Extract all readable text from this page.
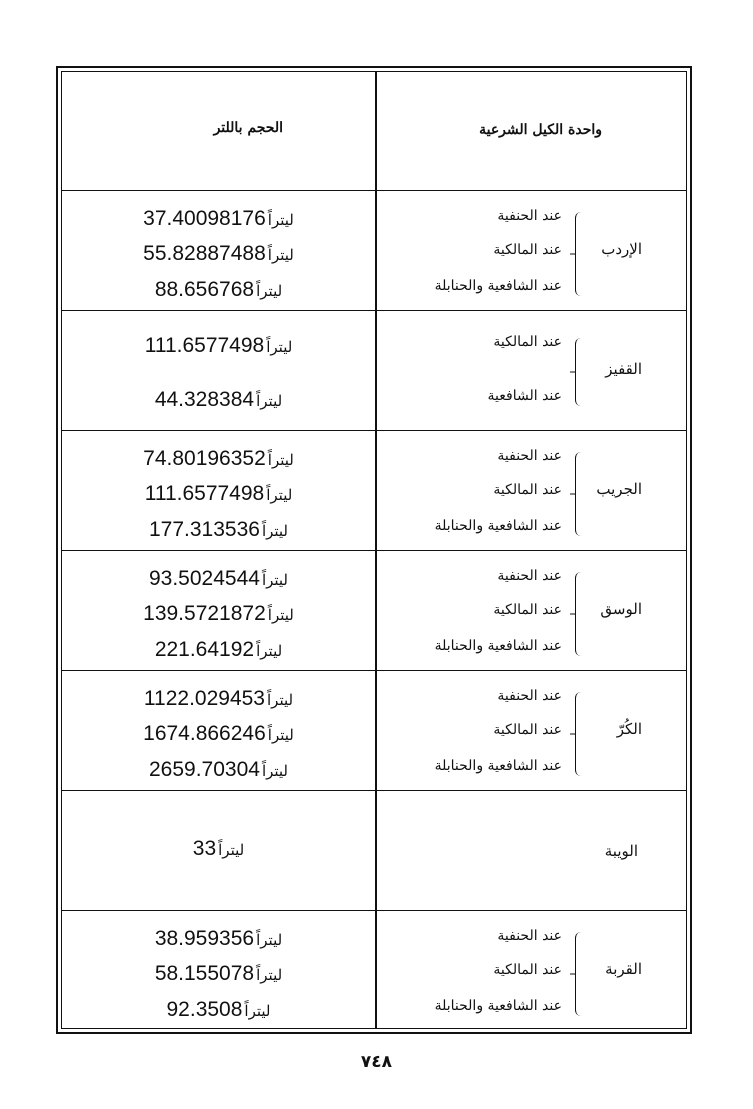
الحجم باللتر	واحدة الكيل الشرعية
37.40098176 ليتراً
55.82887488 ليتراً
88.656768 ليتراً
الإردب
عند الحنفية
عند المالكية
عند الشافعية والحنابلة
111.6577498 ليتراً
44.328384 ليتراً
القفيز
عند المالكية
عند الشافعية
74.80196352 ليتراً
111.6577498 ليتراً
177.313536 ليتراً
الجريب
عند الحنفية
عند المالكية
عند الشافعية والحنابلة
93.5024544 ليتراً
139.5721872 ليتراً
221.64192 ليتراً
الوسق
عند الحنفية
عند المالكية
عند الشافعية والحنابلة
1122.029453 ليتراً
1674.866246 ليتراً
2659.70304 ليتراً
الكُرّ
عند الحنفية
عند المالكية
عند الشافعية والحنابلة
33 ليتراً	الويبة
38.959356 ليتراً
58.155078 ليتراً
92.3508 ليتراً
القربة
عند الحنفية
عند المالكية
عند الشافعية والحنابلة
٧٤٨
